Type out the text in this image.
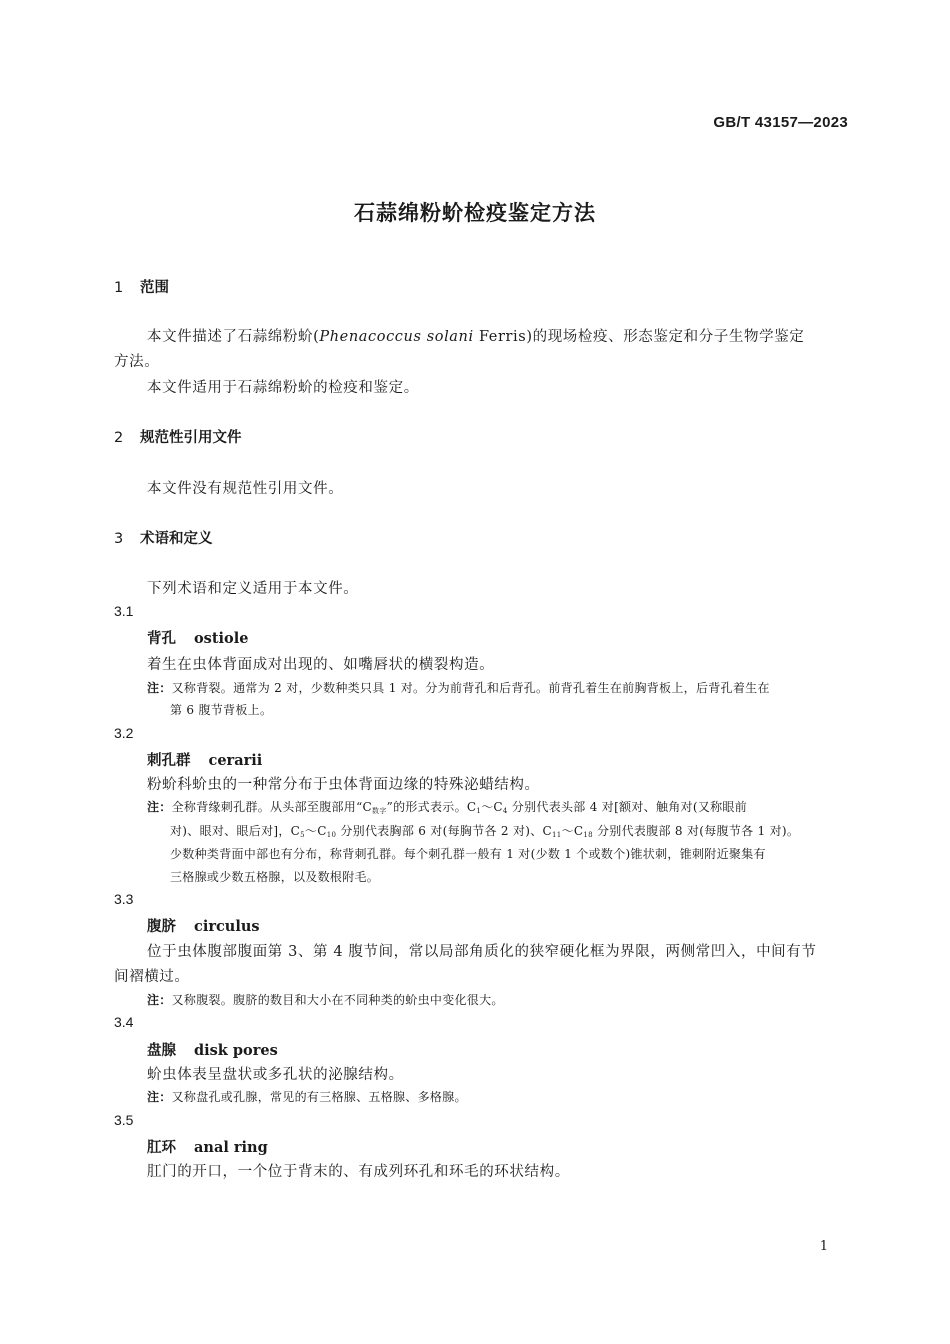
GB/T 43157—2023
石蒜绵粉蚧检疫鉴定方法
1 范围
本文件描述了石蒜绵粉蚧(Phenacoccus solani Ferris)的现场检疫、形态鉴定和分子生物学鉴定
方法。
本文件适用于石蒜绵粉蚧的检疫和鉴定。
2 规范性引用文件
本文件没有规范性引用文件。
3 术语和定义
下列术语和定义适用于本文件。
3.1
背孔 ostiole
着生在虫体背面成对出现的、如嘴唇状的横裂构造。
注：又称背裂。通常为 2 对，少数种类只具 1 对。分为前背孔和后背孔。前背孔着生在前胸背板上，后背孔着生在
第 6 腹节背板上。
3.2
刺孔群 cerarii
粉蚧科蚧虫的一种常分布于虫体背面边缘的特殊泌蜡结构。
注：全称背缘刺孔群。从头部至腹部用“$C_{数字}$”的形式表示。$C_1\sim C_4$ 分别代表头部 4 对[额对、触角对(又称眼前
对)、眼对、眼后对]，$C_5\sim C_{10}$ 分别代表胸部 6 对(每胸节各 2 对)、$C_{11}\sim C_{18}$ 分别代表腹部 8 对(每腹节各 1 对)。
少数种类背面中部也有分布，称背刺孔群。每个刺孔群一般有 1 对(少数 1 个或数个)锥状刺，锥刺附近聚集有
三格腺或少数五格腺，以及数根附毛。
3.3
腹脐 circulus
位于虫体腹部腹面第 3、第 4 腹节间，常以局部角质化的狭窄硬化框为界限，两侧常凹入，中间有节
间褶横过。
注：又称腹裂。腹脐的数目和大小在不同种类的蚧虫中变化很大。
3.4
盘腺 disk pores
蚧虫体表呈盘状或多孔状的泌腺结构。
注：又称盘孔或孔腺，常见的有三格腺、五格腺、多格腺。
3.5
肛环 anal ring
肛门的开口，一个位于背末的、有成列环孔和环毛的环状结构。
1
